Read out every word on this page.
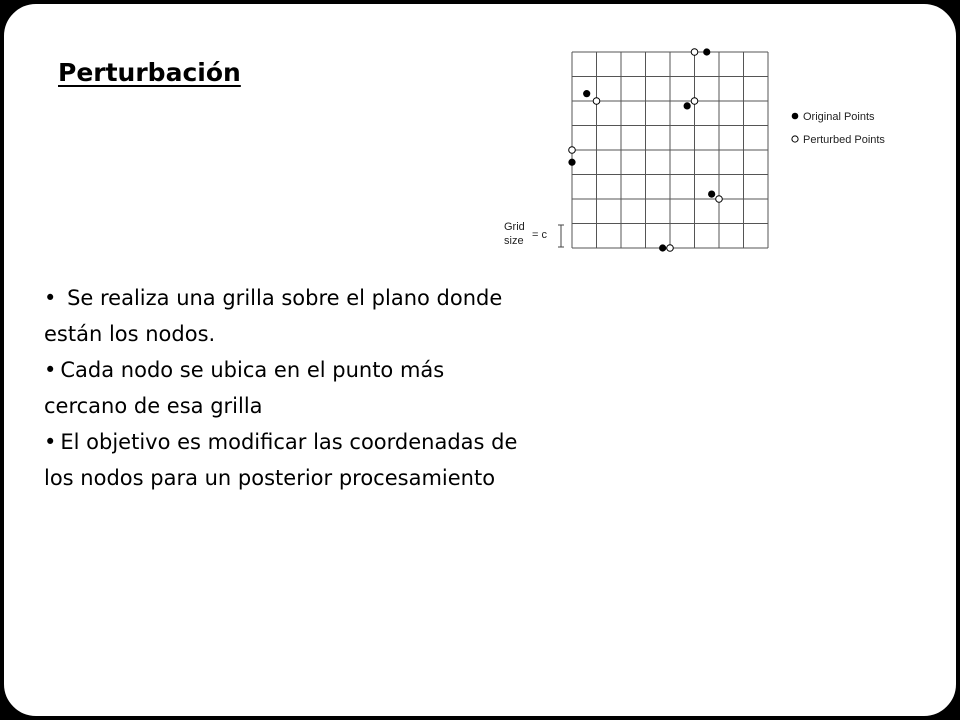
Perturbación
Original Points
Perturbed Points
Grid
size = c
• Se realiza una grilla sobre el plano donde están los nodos.
• Cada nodo se ubica en el punto más cercano de esa grilla
• El objetivo es modificar las coordenadas de los nodos para un posterior procesamiento
